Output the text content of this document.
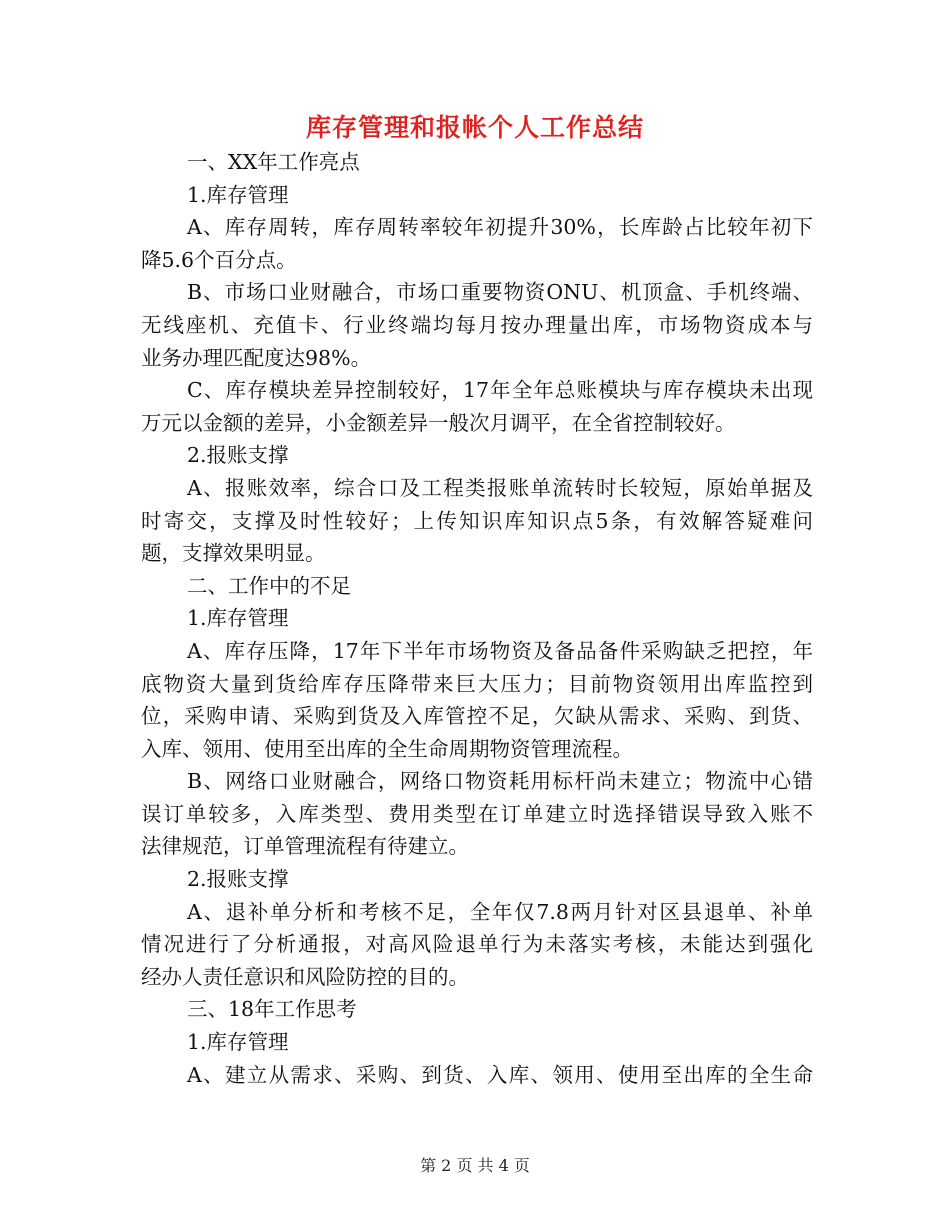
库存管理和报帐个人工作总结

一、XX年工作亮点

1.库存管理

A、库存周转，库存周转率较年初提升30%，长库龄占比较年初下

降5.6个百分点。

B、市场口业财融合，市场口重要物资ONU、机顶盒、手机终端、

无线座机、充值卡、行业终端均每月按办理量出库，市场物资成本与

业务办理匹配度达98%。

C、库存模块差异控制较好，17年全年总账模块与库存模块未出现

万元以金额的差异，小金额差异一般次月调平，在全省控制较好。

2.报账支撑

A、报账效率，综合口及工程类报账单流转时长较短，原始单据及

时寄交，支撑及时性较好；上传知识库知识点5条，有效解答疑难问

题，支撑效果明显。

二、工作中的不足

1.库存管理

A、库存压降，17年下半年市场物资及备品备件采购缺乏把控，年

底物资大量到货给库存压降带来巨大压力；目前物资领用出库监控到

位，采购申请、采购到货及入库管控不足，欠缺从需求、采购、到货、

入库、领用、使用至出库的全生命周期物资管理流程。

B、网络口业财融合，网络口物资耗用标杆尚未建立；物流中心错

误订单较多，入库类型、费用类型在订单建立时选择错误导致入账不

法律规范，订单管理流程有待建立。

2.报账支撑

A、退补单分析和考核不足，全年仅7.8两月针对区县退单、补单

情况进行了分析通报，对高风险退单行为未落实考核，未能达到强化

经办人责任意识和风险防控的目的。

三、18年工作思考

1.库存管理

A、建立从需求、采购、到货、入库、领用、使用至出库的全生命

第 2 页 共 4 页
